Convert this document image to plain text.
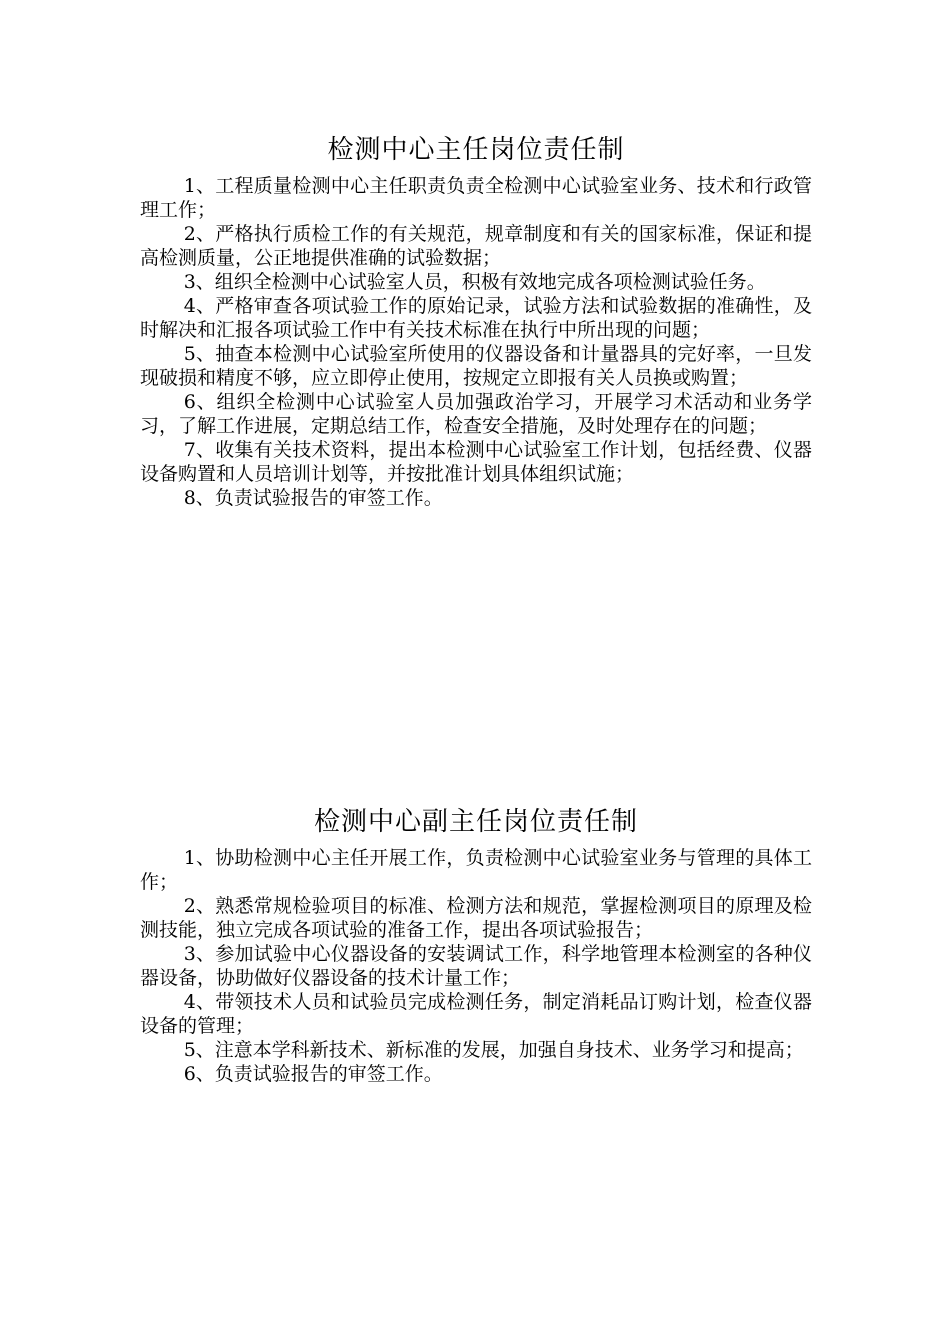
检测中心主任岗位责任制

1、工程质量检测中心主任职责负责全检测中心试验室业务、技术和行政管理工作；

2、严格执行质检工作的有关规范，规章制度和有关的国家标准，保证和提高检测质量，公正地提供准确的试验数据；

3、组织全检测中心试验室人员，积极有效地完成各项检测试验任务。

4、严格审查各项试验工作的原始记录，试验方法和试验数据的准确性，及时解决和汇报各项试验工作中有关技术标准在执行中所出现的问题；

5、抽查本检测中心试验室所使用的仪器设备和计量器具的完好率，一旦发现破损和精度不够，应立即停止使用，按规定立即报有关人员换或购置；

6、组织全检测中心试验室人员加强政治学习，开展学习术活动和业务学习，了解工作进展，定期总结工作，检查安全措施，及时处理存在的问题；

7、收集有关技术资料，提出本检测中心试验室工作计划，包括经费、仪器设备购置和人员培训计划等，并按批准计划具体组织试施；

8、负责试验报告的审签工作。

检测中心副主任岗位责任制

1、协助检测中心主任开展工作，负责检测中心试验室业务与管理的具体工作；

2、熟悉常规检验项目的标准、检测方法和规范，掌握检测项目的原理及检测技能，独立完成各项试验的准备工作，提出各项试验报告；

3、参加试验中心仪器设备的安装调试工作，科学地管理本检测室的各种仪器设备，协助做好仪器设备的技术计量工作；

4、带领技术人员和试验员完成检测任务，制定消耗品订购计划，检查仪器设备的管理；

5、注意本学科新技术、新标准的发展，加强自身技术、业务学习和提高；

6、负责试验报告的审签工作。
